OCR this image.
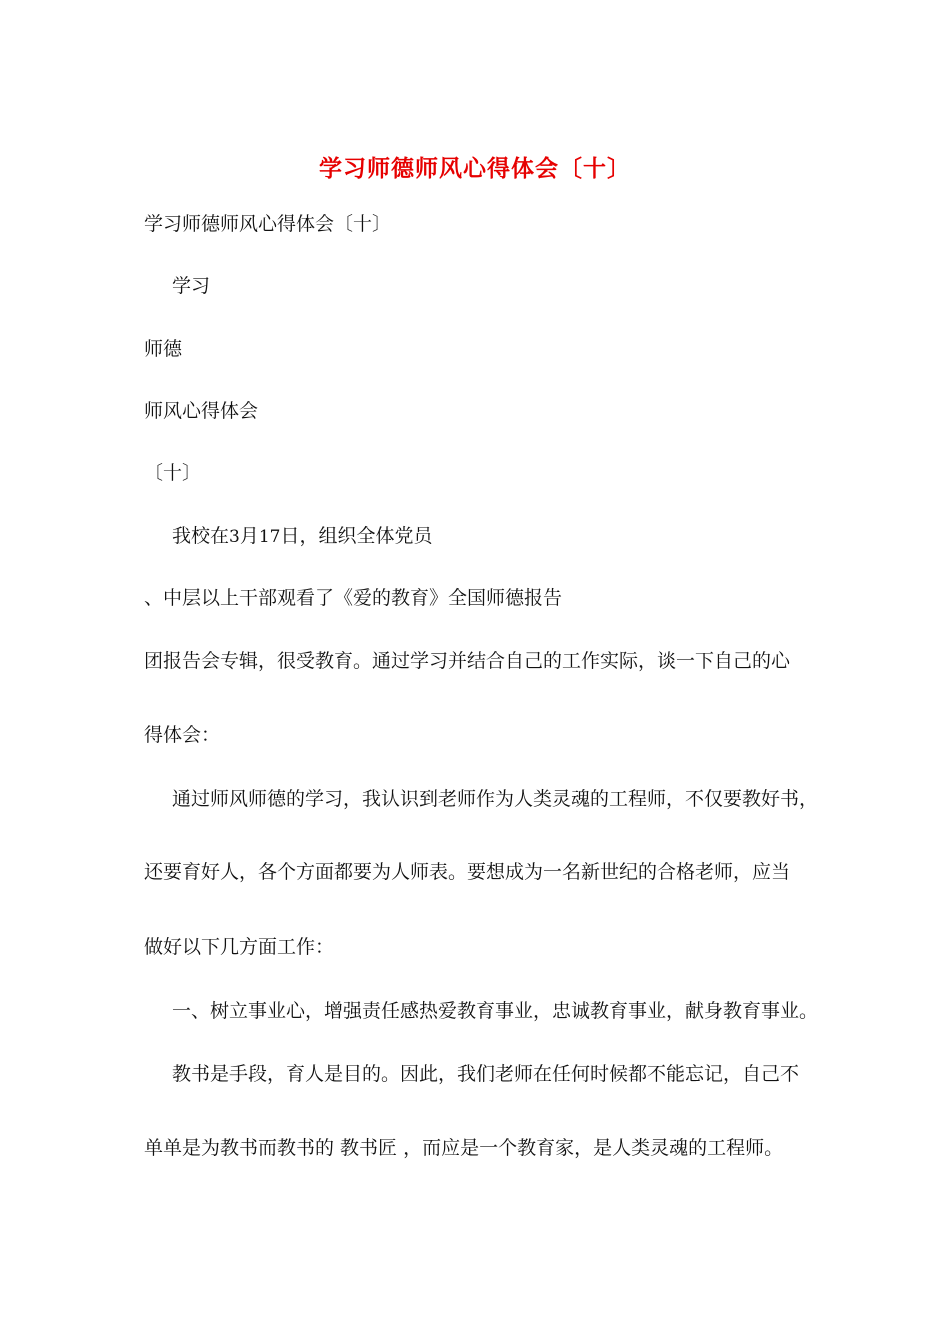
学习师德师风心得体会〔十〕
学习师德师风心得体会〔十〕
学习
师德
师风心得体会
〔十〕
我校在3月17日，组织全体党员
、中层以上干部观看了《爱的教育》全国师德报告
团报告会专辑，很受教育。通过学习并结合自己的工作实际，谈一下自己的心
得体会：
通过师风师德的学习，我认识到老师作为人类灵魂的工程师，不仅要教好书，
还要育好人，各个方面都要为人师表。要想成为一名新世纪的合格老师，应当
做好以下几方面工作：
一、树立事业心，增强责任感热爱教育事业，忠诚教育事业，献身教育事业。
教书是手段，育人是目的。因此，我们老师在任何时候都不能忘记，自己不
单单是为教书而教书的 教书匠 ，而应是一个教育家，是人类灵魂的工程师。
